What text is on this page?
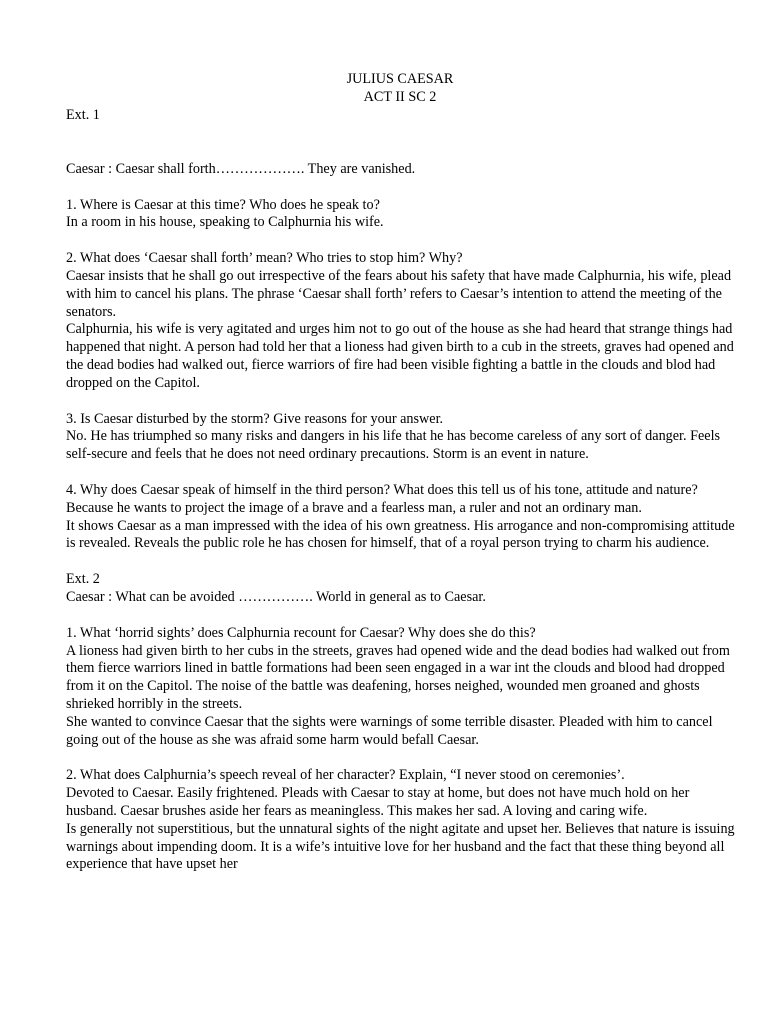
JULIUS CAESAR
ACT II SC 2

Ext. 1

Caesar : Caesar shall forth………………. They are vanished.

1. Where is Caesar at this time? Who does he speak to?

In a room in his house, speaking to Calphurnia his wife.

2. What does ‘Caesar shall forth’ mean? Who tries to stop him? Why?

Caesar insists that he shall go out irrespective of the fears about his safety that have made Calphurnia, his wife, plead with him to cancel his plans. The phrase ‘Caesar shall forth’ refers to Caesar’s intention to attend the meeting of the senators.

Calphurnia, his wife is very agitated and urges him not to go out of the house as she had heard that strange things had happened that night. A person had told her that a lioness had given birth to a cub in the streets, graves had opened and the dead bodies had walked out, fierce warriors of fire had been visible fighting a battle in the clouds and blod had dropped on the Capitol.

3. Is Caesar disturbed by the storm? Give reasons for your answer.

No. He has triumphed so many risks and dangers in his life that he has become careless of any sort of danger. Feels self-secure and feels that he does not need ordinary precautions. Storm is an event in nature.

4. Why does Caesar speak of himself in the third person? What does this tell us of his tone, attitude and nature?

Because he wants to project the image of a brave and a fearless man, a ruler and not an ordinary man.

It shows Caesar as a man impressed with the idea of his own greatness. His arrogance and non-compromising attitude is revealed. Reveals the public role he has chosen for himself, that of a royal person trying to charm his audience.

Ext. 2

Caesar : What can be avoided ……………. World in general as to Caesar.

1. What ‘horrid sights’ does Calphurnia recount for Caesar? Why does she do this?

A lioness had given birth to her cubs in the streets, graves had opened wide and the dead bodies had walked out from them fierce warriors lined in battle formations had been seen engaged in a war int the clouds and blood had dropped from it on the Capitol. The noise of the battle was deafening, horses neighed, wounded men groaned and ghosts shrieked horribly in the streets.

She wanted to convince Caesar that the sights were warnings of some terrible disaster. Pleaded with him to cancel going out of the house as she was afraid some harm would befall Caesar.

2. What does Calphurnia’s speech reveal of her character? Explain, “I never stood on ceremonies’.

Devoted to Caesar. Easily frightened. Pleads with Caesar to stay at home, but does not have much hold on her husband. Caesar brushes aside her fears as meaningless. This makes her sad. A loving and caring wife.

Is generally not superstitious, but the unnatural sights of the night agitate and upset her. Believes that nature is issuing warnings about impending doom. It is a wife’s intuitive love for her husband and the fact that these thing beyond all experience that have upset her
